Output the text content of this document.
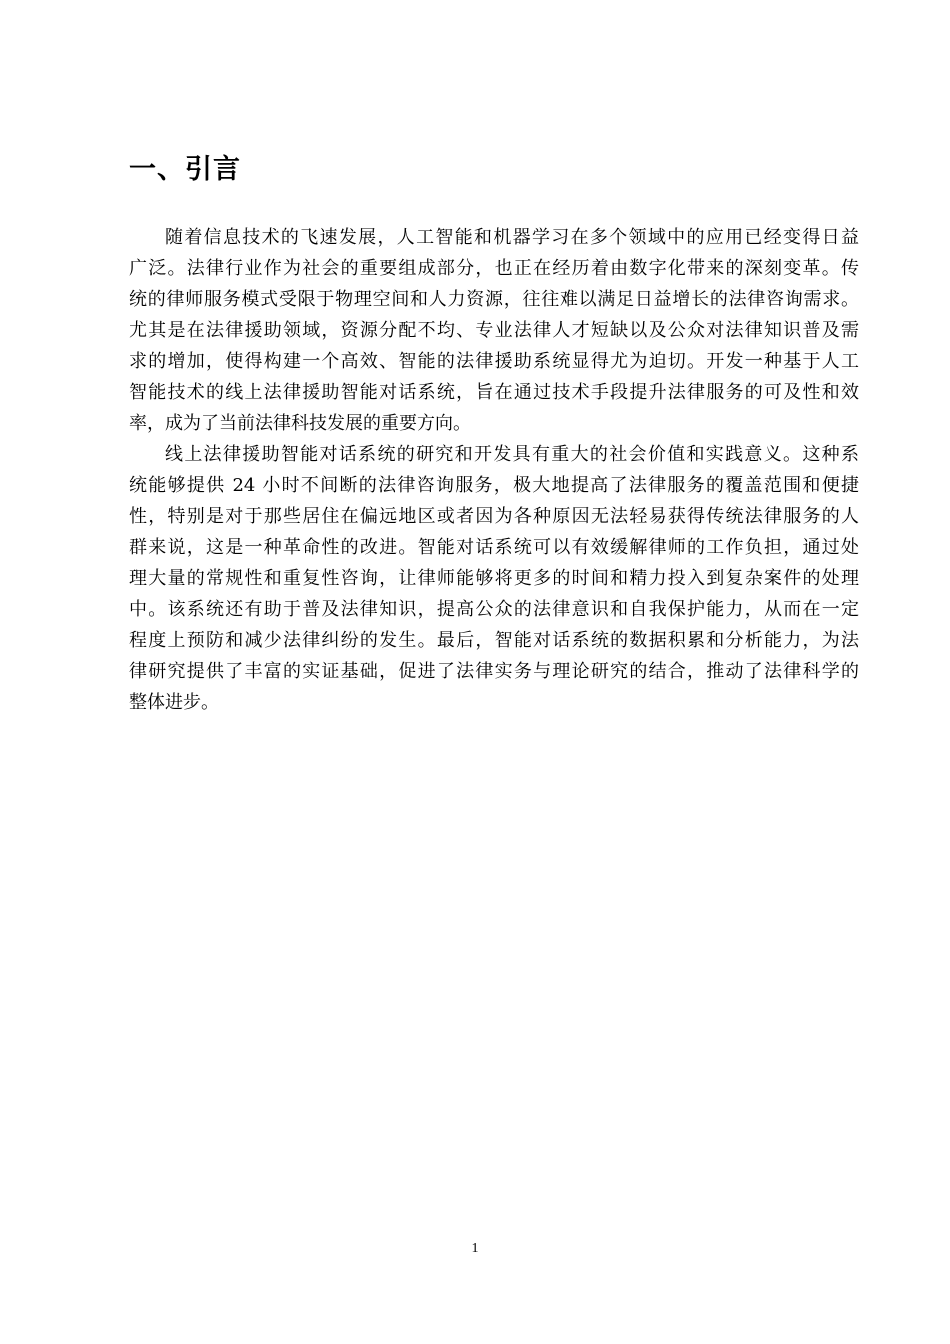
一、引言

随着信息技术的飞速发展，人工智能和机器学习在多个领域中的应用已经变得日益
广泛。法律行业作为社会的重要组成部分，也正在经历着由数字化带来的深刻变革。传
统的律师服务模式受限于物理空间和人力资源，往往难以满足日益增长的法律咨询需求。
尤其是在法律援助领域，资源分配不均、专业法律人才短缺以及公众对法律知识普及需
求的增加，使得构建一个高效、智能的法律援助系统显得尤为迫切。开发一种基于人工
智能技术的线上法律援助智能对话系统，旨在通过技术手段提升法律服务的可及性和效
率，成为了当前法律科技发展的重要方向。

线上法律援助智能对话系统的研究和开发具有重大的社会价值和实践意义。这种系
统能够提供 24 小时不间断的法律咨询服务，极大地提高了法律服务的覆盖范围和便捷
性，特别是对于那些居住在偏远地区或者因为各种原因无法轻易获得传统法律服务的人
群来说，这是一种革命性的改进。智能对话系统可以有效缓解律师的工作负担，通过处
理大量的常规性和重复性咨询，让律师能够将更多的时间和精力投入到复杂案件的处理
中。该系统还有助于普及法律知识，提高公众的法律意识和自我保护能力，从而在一定
程度上预防和减少法律纠纷的发生。最后，智能对话系统的数据积累和分析能力，为法
律研究提供了丰富的实证基础，促进了法律实务与理论研究的结合，推动了法律科学的
整体进步。

1
